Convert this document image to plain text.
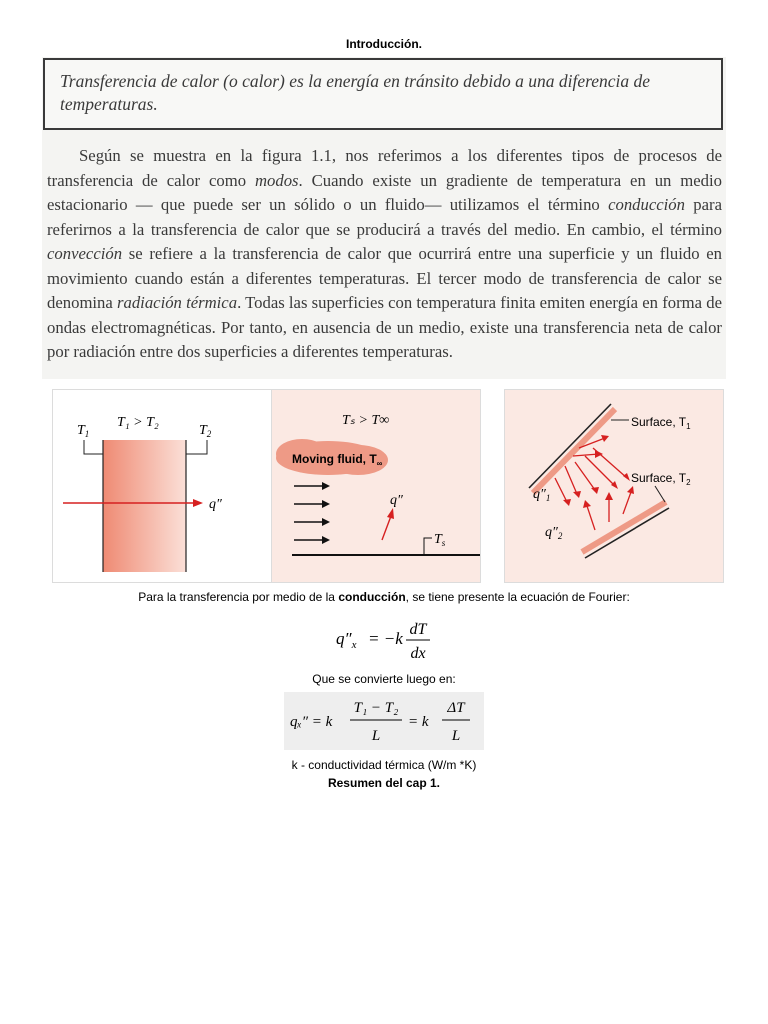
Introducción.
Transferencia de calor (o calor) es la energía en tránsito debido a una diferencia de temperaturas.

Según se muestra en la figura 1.1, nos referimos a los diferentes tipos de procesos de transferencia de calor como modos. Cuando existe un gradiente de temperatura en un medio estacionario — que puede ser un sólido o un fluido— utilizamos el término conducción para referirnos a la transferencia de calor que se producirá a través del medio. En cambio, el término convección se refiere a la transferencia de calor que ocurrirá entre una superficie y un fluido en movimiento cuando están a diferentes temperaturas. El tercer modo de transferencia de calor se denomina radiación térmica. Todas las superficies con temperatura finita emiten energía en forma de ondas electromagnéticas. Por tanto, en ausencia de un medio, existe una transferencia neta de calor por radiación entre dos superficies a diferentes temperaturas.

T₁ > T₂
$T_1$	$T_2$
q″
Tₛ > T∞
Moving fluid, $T_\infty$
q″
$T_s$
Surface, $T_1$
Surface, $T_2$
$q''_1$
$q''_2$
Para la transferencia por medio de la conducción, se tiene presente la ecuación de Fourier:
$q''_x = -k$ dT
dx
Que se convierte luego en:
qₓ″ = k
T₁ − T₂
L
= k
ΔT
L
k - conductividad térmica (W/m *K)
Resumen del cap 1.
